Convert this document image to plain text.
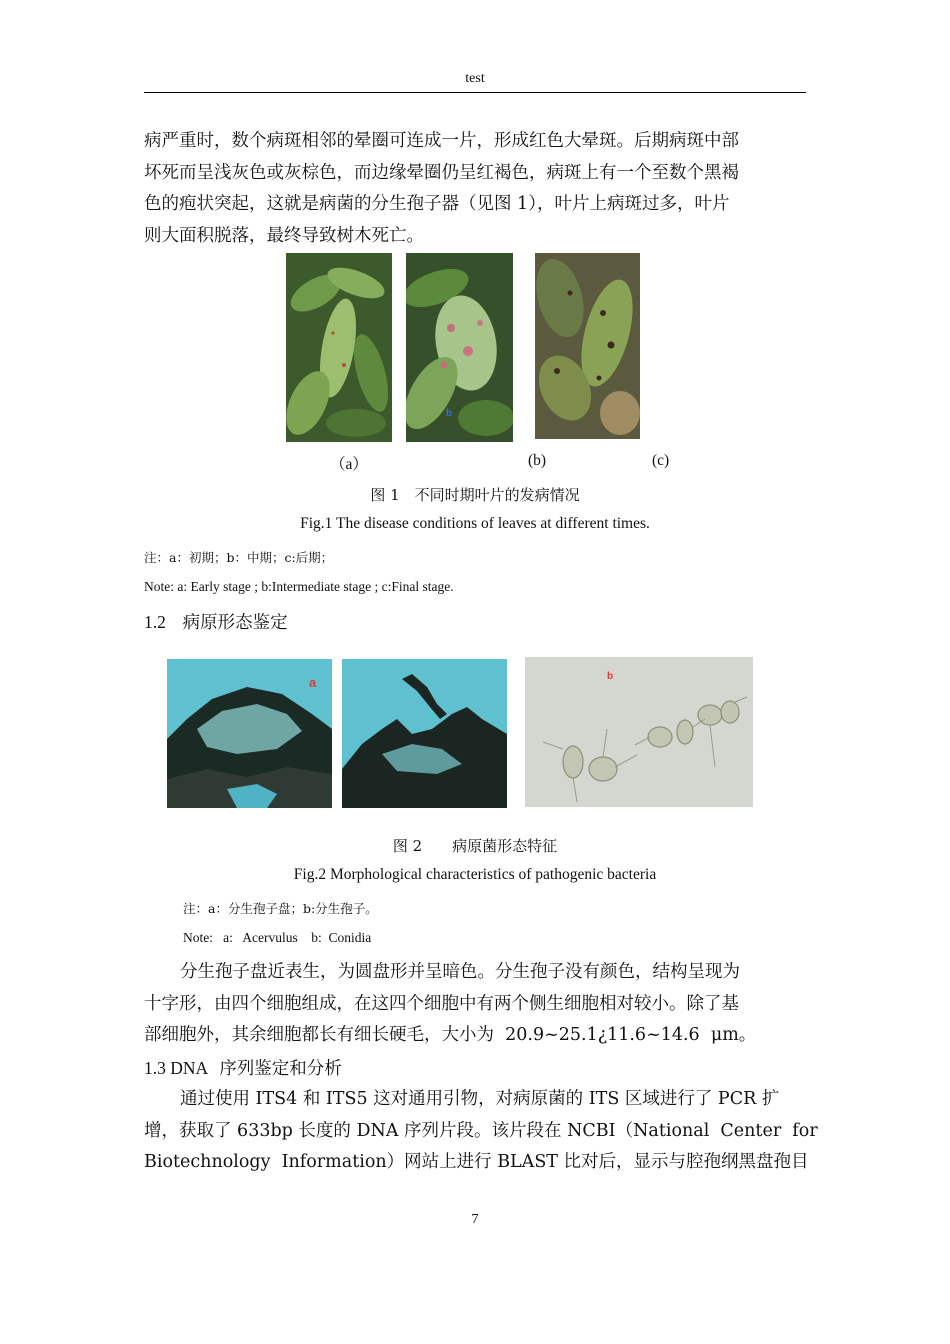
test
病严重时，数个病斑相邻的晕圈可连成一片，形成红色大晕斑。后期病斑中部
坏死而呈浅灰色或灰棕色，而边缘晕圈仍呈红褐色，病斑上有一个至数个黑褐
色的疱状突起，这就是病菌的分生孢子器（见图 1），叶片上病斑过多，叶片
则大面积脱落，最终导致树木死亡。
b
（a）	(b)	(c)
图 1　不同时期叶片的发病情况
Fig.1 The disease conditions of leaves at different times.
注：a：初期；b：中期；c:后期；
Note: a: Early stage ; b:Intermediate stage ; c:Final stage.
1.2 病原形态鉴定
a	b
图 2　　病原菌形态特征
Fig.2 Morphological characteristics of pathogenic bacteria
注：a：分生孢子盘；b:分生孢子。
Note:   a:   Acervulus    b:  Conidia
分生孢子盘近表生，为圆盘形并呈暗色。分生孢子没有颜色，结构呈现为
十字形，由四个细胞组成，在这四个细胞中有两个侧生细胞相对较小。除了基
部细胞外，其余细胞都长有细长硬毛，大小为  20.9~25.1¿11.6~14.6  μm。
1.3 DNA 序列鉴定和分析
通过使用 ITS4 和 ITS5 这对通用引物，对病原菌的 ITS 区域进行了 PCR 扩
增，获取了 633bp 长度的 DNA 序列片段。该片段在 NCBI（National  Center  for
Biotechnology  Information）网站上进行 BLAST 比对后，显示与腔孢纲黑盘孢目
7
